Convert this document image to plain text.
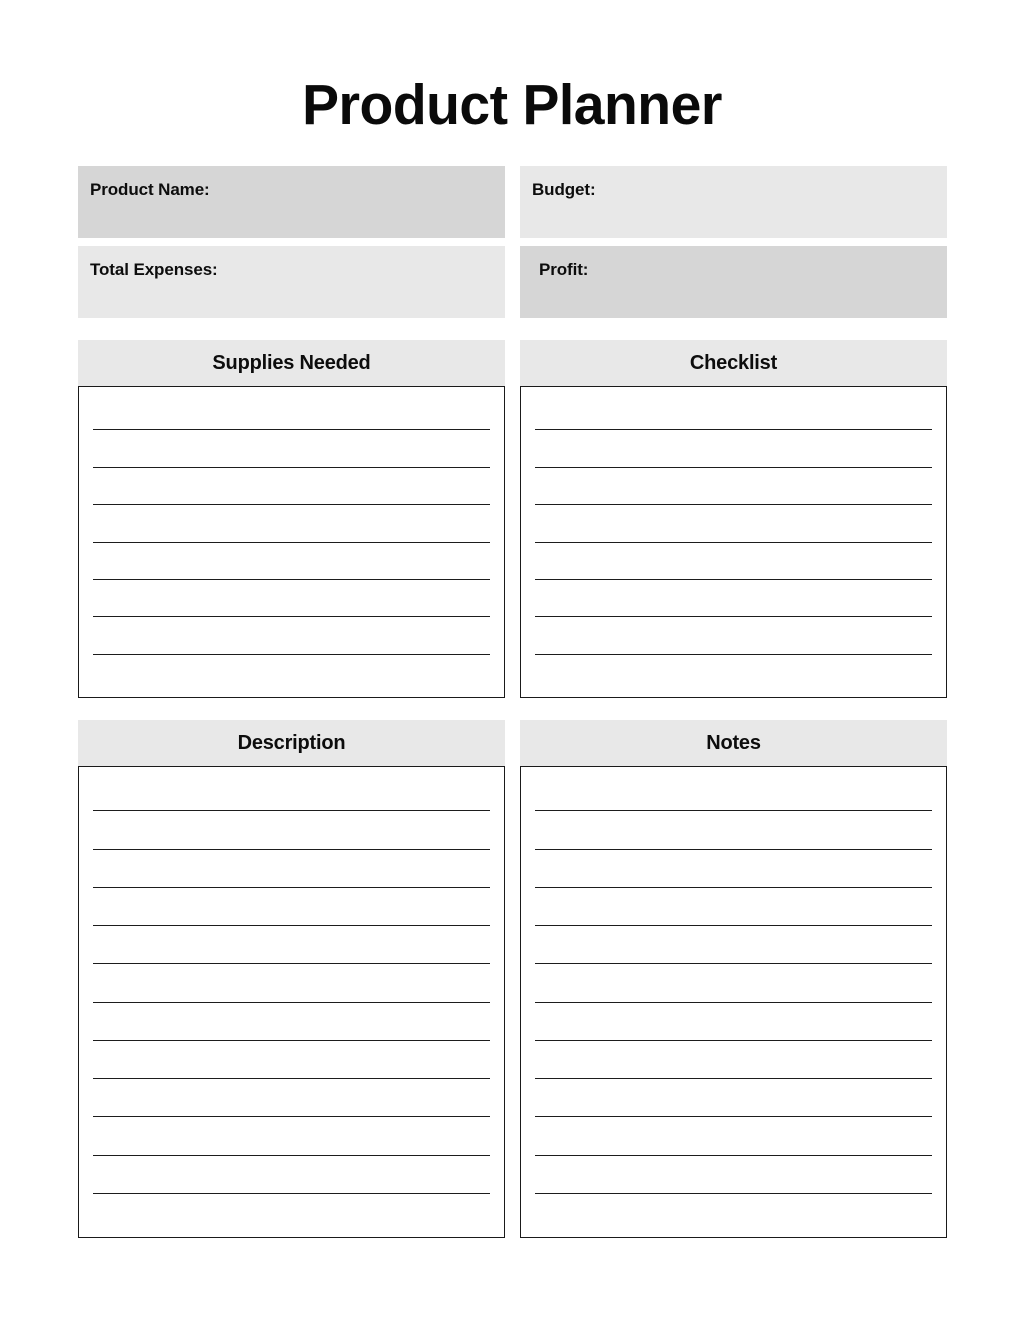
Product Planner
Product Name:	Budget:
Total Expenses:	Profit:
Supplies Needed	Checklist
Description	Notes
